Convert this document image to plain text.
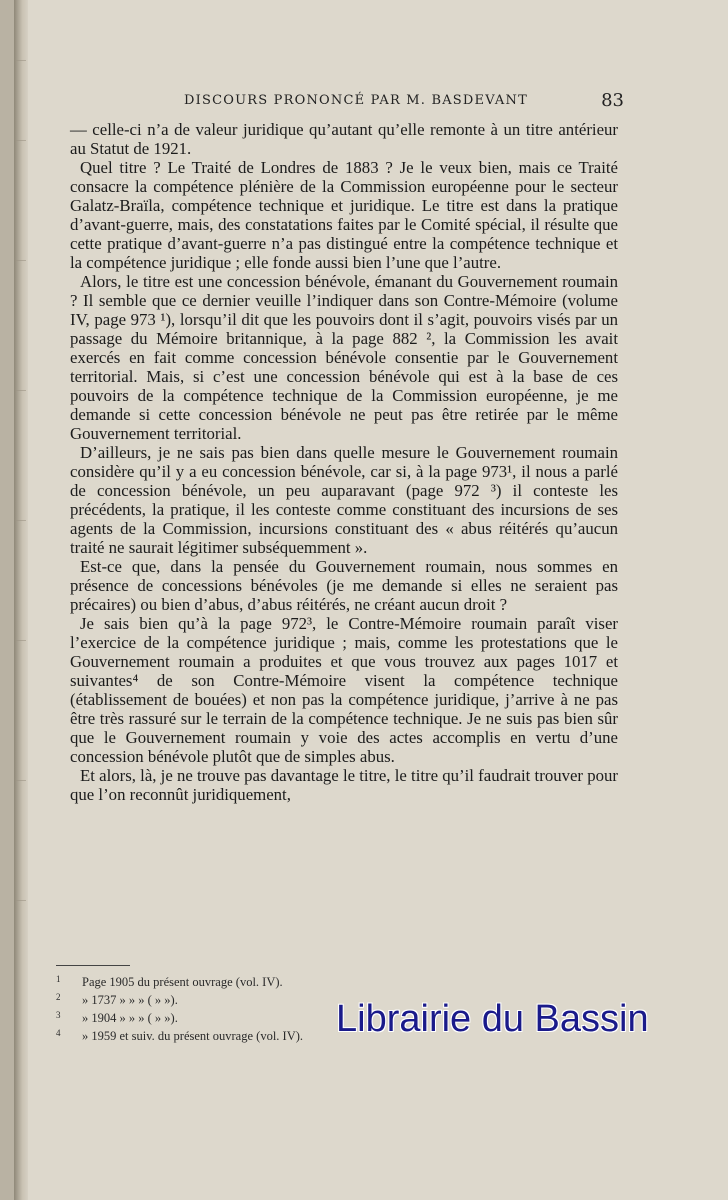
DISCOURS PRONONCÉ PAR M. BASDEVANT	83

— celle-ci n’a de valeur juridique qu’autant qu’elle remonte à un titre antérieur au Statut de 1921.

Quel titre ? Le Traité de Londres de 1883 ? Je le veux bien, mais ce Traité consacre la compétence plénière de la Commission européenne pour le secteur Galatz-Braïla, compétence technique et juridique. Le titre est dans la pratique d’avant-guerre, mais, des constatations faites par le Comité spécial, il résulte que cette pratique d’avant-guerre n’a pas distingué entre la compétence technique et la compétence juridique ; elle fonde aussi bien l’une que l’autre.

Alors, le titre est une concession bénévole, émanant du Gouvernement roumain ? Il semble que ce dernier veuille l’indiquer dans son Contre-Mémoire (volume IV, page 973 ¹), lorsqu’il dit que les pouvoirs dont il s’agit, pouvoirs visés par un passage du Mémoire britannique, à la page 882 ², la Commission les avait exercés en fait comme concession bénévole consentie par le Gouvernement territorial. Mais, si c’est une concession bénévole qui est à la base de ces pouvoirs de la compétence technique de la Commission européenne, je me demande si cette concession bénévole ne peut pas être retirée par le même Gouvernement territorial.

D’ailleurs, je ne sais pas bien dans quelle mesure le Gouvernement roumain considère qu’il y a eu concession bénévole, car si, à la page 973¹, il nous a parlé de concession bénévole, un peu auparavant (page 972 ³) il conteste les précédents, la pratique, il les conteste comme constituant des incursions de ses agents de la Commission, incursions constituant des « abus réitérés qu’aucun traité ne saurait légitimer subséquemment ».

Est-ce que, dans la pensée du Gouvernement roumain, nous sommes en présence de concessions bénévoles (je me demande si elles ne seraient pas précaires) ou bien d’abus, d’abus réitérés, ne créant aucun droit ?

Je sais bien qu’à la page 972³, le Contre-Mémoire roumain paraît viser l’exercice de la compétence juridique ; mais, comme les protestations que le Gouvernement roumain a produites et que vous trouvez aux pages 1017 et suivantes⁴ de son Contre-Mémoire visent la compétence technique (établissement de bouées) et non pas la compétence juridique, j’arrive à ne pas être très rassuré sur le terrain de la compétence technique. Je ne suis pas bien sûr que le Gouvernement roumain y voie des actes accomplis en vertu d’une concession bénévole plutôt que de simples abus.

Et alors, là, je ne trouve pas davantage le titre, le titre qu’il faudrait trouver pour que l’on reconnût juridiquement,

1 Page 1905 du présent ouvrage (vol. IV).
2 » 1737 » » » ( » »).
3 » 1904 » » » ( » »).
4 » 1959 et suiv. du présent ouvrage (vol. IV). Librairie du Bassin
